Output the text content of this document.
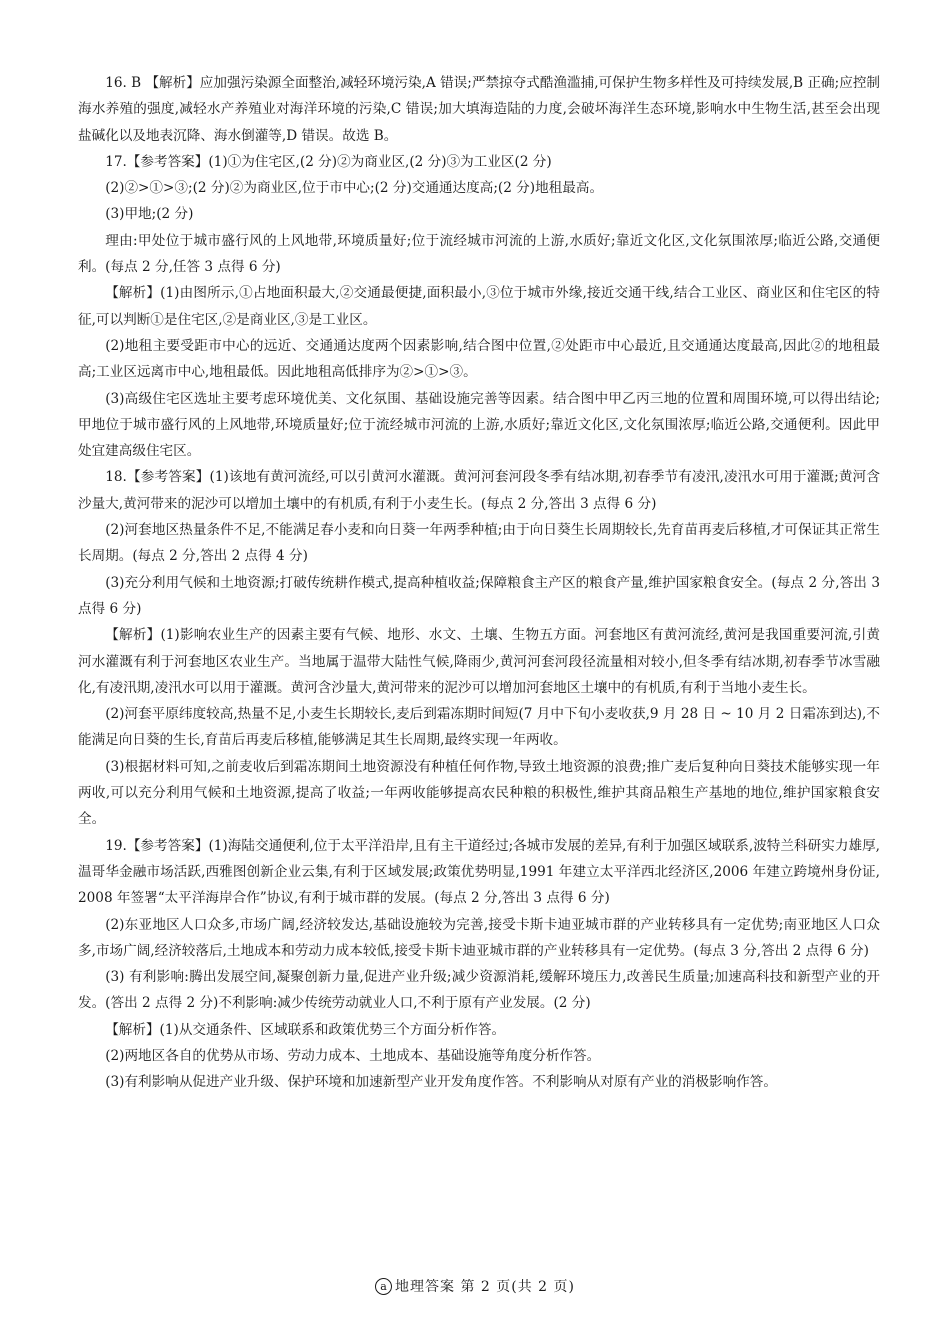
16. B 【解析】应加强污染源全面整治,减轻环境污染,A 错误;严禁掠夺式酷渔滥捕,可保护生物多样性及可持续发展,B 正确;应控制海水养殖的强度,减轻水产养殖业对海洋环境的污染,C 错误;加大填海造陆的力度,会破坏海洋生态环境,影响水中生物生活,甚至会出现盐碱化以及地表沉降、海水倒灌等,D 错误。故选 B。

17.【参考答案】(1)①为住宅区,(2 分)②为商业区,(2 分)③为工业区(2 分)

(2)②>①>③;(2 分)②为商业区,位于市中心;(2 分)交通通达度高;(2 分)地租最高。

(3)甲地;(2 分)

理由:甲处位于城市盛行风的上风地带,环境质量好;位于流经城市河流的上游,水质好;靠近文化区,文化氛围浓厚;临近公路,交通便利。(每点 2 分,任答 3 点得 6 分)

【解析】(1)由图所示,①占地面积最大,②交通最便捷,面积最小,③位于城市外缘,接近交通干线,结合工业区、商业区和住宅区的特征,可以判断①是住宅区,②是商业区,③是工业区。

(2)地租主要受距市中心的远近、交通通达度两个因素影响,结合图中位置,②处距市中心最近,且交通通达度最高,因此②的地租最高;工业区远离市中心,地租最低。因此地租高低排序为②>①>③。

(3)高级住宅区选址主要考虑环境优美、文化氛围、基础设施完善等因素。结合图中甲乙丙三地的位置和周围环境,可以得出结论;甲地位于城市盛行风的上风地带,环境质量好;位于流经城市河流的上游,水质好;靠近文化区,文化氛围浓厚;临近公路,交通便利。因此甲处宜建高级住宅区。

18.【参考答案】(1)该地有黄河流经,可以引黄河水灌溉。黄河河套河段冬季有结冰期,初春季节有凌汛,凌汛水可用于灌溉;黄河含沙量大,黄河带来的泥沙可以增加土壤中的有机质,有利于小麦生长。(每点 2 分,答出 3 点得 6 分)

(2)河套地区热量条件不足,不能满足春小麦和向日葵一年两季种植;由于向日葵生长周期较长,先育苗再麦后移植,才可保证其正常生长周期。(每点 2 分,答出 2 点得 4 分)

(3)充分利用气候和土地资源;打破传统耕作模式,提高种植收益;保障粮食主产区的粮食产量,维护国家粮食安全。(每点 2 分,答出 3 点得 6 分)

【解析】(1)影响农业生产的因素主要有气候、地形、水文、土壤、生物五方面。河套地区有黄河流经,黄河是我国重要河流,引黄河水灌溉有利于河套地区农业生产。当地属于温带大陆性气候,降雨少,黄河河套河段径流量相对较小,但冬季有结冰期,初春季节冰雪融化,有凌汛期,凌汛水可以用于灌溉。黄河含沙量大,黄河带来的泥沙可以增加河套地区土壤中的有机质,有利于当地小麦生长。

(2)河套平原纬度较高,热量不足,小麦生长期较长,麦后到霜冻期时间短(7 月中下旬小麦收获,9 月 28 日 ~ 10 月 2 日霜冻到达),不能满足向日葵的生长,育苗后再麦后移植,能够满足其生长周期,最终实现一年两收。

(3)根据材料可知,之前麦收后到霜冻期间土地资源没有种植任何作物,导致土地资源的浪费;推广麦后复种向日葵技术能够实现一年两收,可以充分利用气候和土地资源,提高了收益;一年两收能够提高农民种粮的积极性,维护其商品粮生产基地的地位,维护国家粮食安全。

19.【参考答案】(1)海陆交通便利,位于太平洋沿岸,且有主干道经过;各城市发展的差异,有利于加强区域联系,波特兰科研实力雄厚,温哥华金融市场活跃,西雅图创新企业云集,有利于区域发展;政策优势明显,1991 年建立太平洋西北经济区,2006 年建立跨境州身份证,2008 年签署“太平洋海岸合作”协议,有利于城市群的发展。(每点 2 分,答出 3 点得 6 分)

(2)东亚地区人口众多,市场广阔,经济较发达,基础设施较为完善,接受卡斯卡迪亚城市群的产业转移具有一定优势;南亚地区人口众多,市场广阔,经济较落后,土地成本和劳动力成本较低,接受卡斯卡迪亚城市群的产业转移具有一定优势。(每点 3 分,答出 2 点得 6 分)

(3) 有利影响:腾出发展空间,凝聚创新力量,促进产业升级;减少资源消耗,缓解环境压力,改善民生质量;加速高科技和新型产业的开发。(答出 2 点得 2 分)不利影响:减少传统劳动就业人口,不利于原有产业发展。(2 分)

【解析】(1)从交通条件、区域联系和政策优势三个方面分析作答。

(2)两地区各自的优势从市场、劳动力成本、土地成本、基础设施等角度分析作答。

(3)有利影响从促进产业升级、保护环境和加速新型产业开发角度作答。不利影响从对原有产业的消极影响作答。

a 地理答案 第 2 页(共 2 页)
